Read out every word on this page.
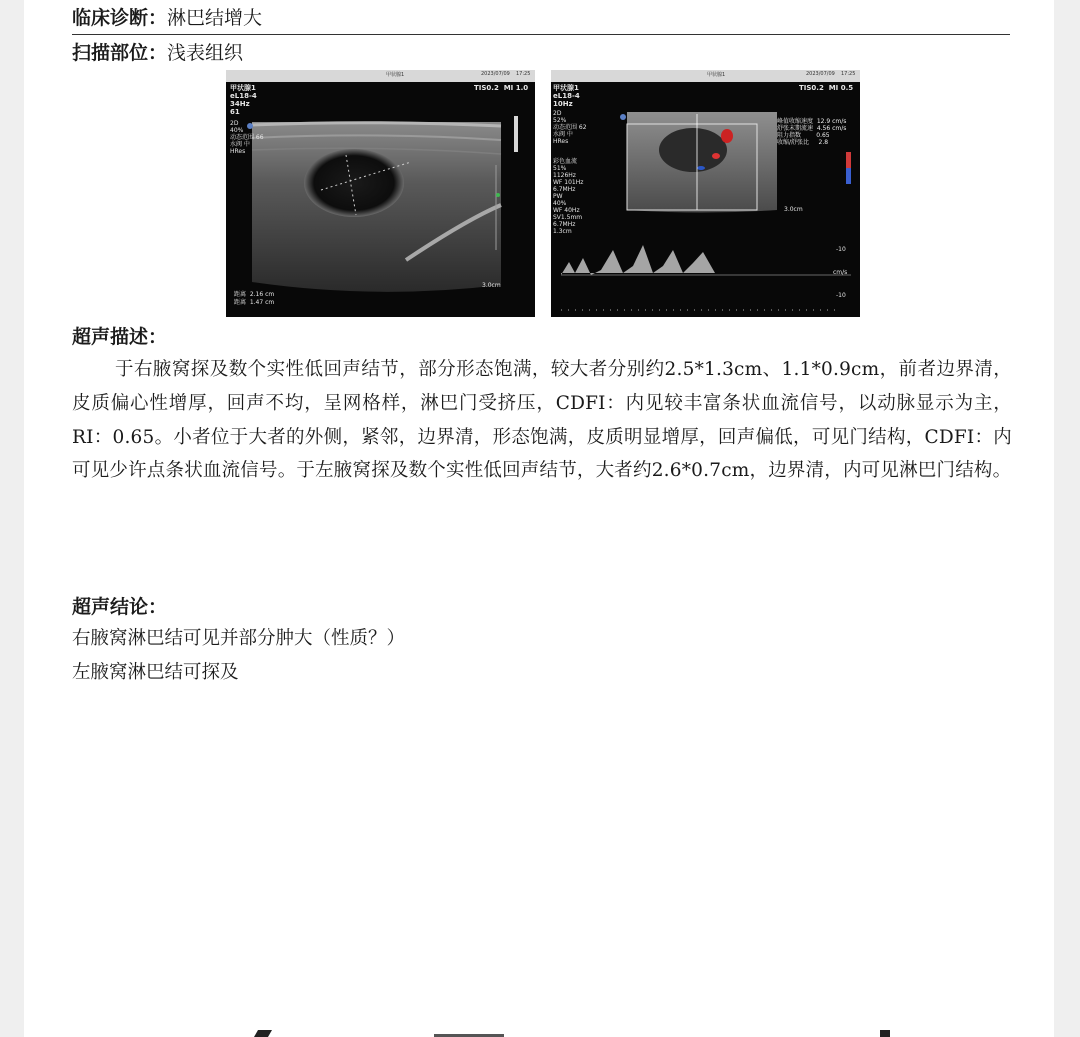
临床诊断：淋巴结增大
扫描部位：浅表组织
甲状腺1	2023/07/09 17:25
甲状腺1
eL18-4
34Hz
61
2D
40%
动态范围 66
水阀 中
HRes
TIS0.2  MI 1.0
3.0cm
距离  2.16 cm
距离  1.47 cm
甲状腺1	2023/07/09 17:25
甲状腺1
eL18-4
10Hz
2D
52%
动态范围 62
水阀 中
HRes
彩色血流
51%
1126Hz
WF 101Hz
6.7MHz
PW
40%
WF 40Hz
SV1.5mm
6.7MHz
1.3cm
TIS0.2  MI 0.5
峰值收缩速度  12.9 cm/s
舒张末期流速  4.56 cm/s
阻力指数        0.65
收缩/舒张比     2.8
3.0cm
-10
cm/s
-10
超声描述：
于右腋窝探及数个实性低回声结节，部分形态饱满，较大者分别约2.5*1.3cm、1.1*0.9cm，前者边界清，皮质偏心性增厚，回声不均，呈网格样，淋巴门受挤压，CDFI：内见较丰富条状血流信号，以动脉显示为主，RI：0.65。小者位于大者的外侧，紧邻，边界清，形态饱满，皮质明显增厚，回声偏低，可见门结构，CDFI：内可见少许点条状血流信号。于左腋窝探及数个实性低回声结节，大者约2.6*0.7cm，边界清，内可见淋巴门结构。
超声结论：
右腋窝淋巴结可见并部分肿大（性质？）
左腋窝淋巴结可探及
